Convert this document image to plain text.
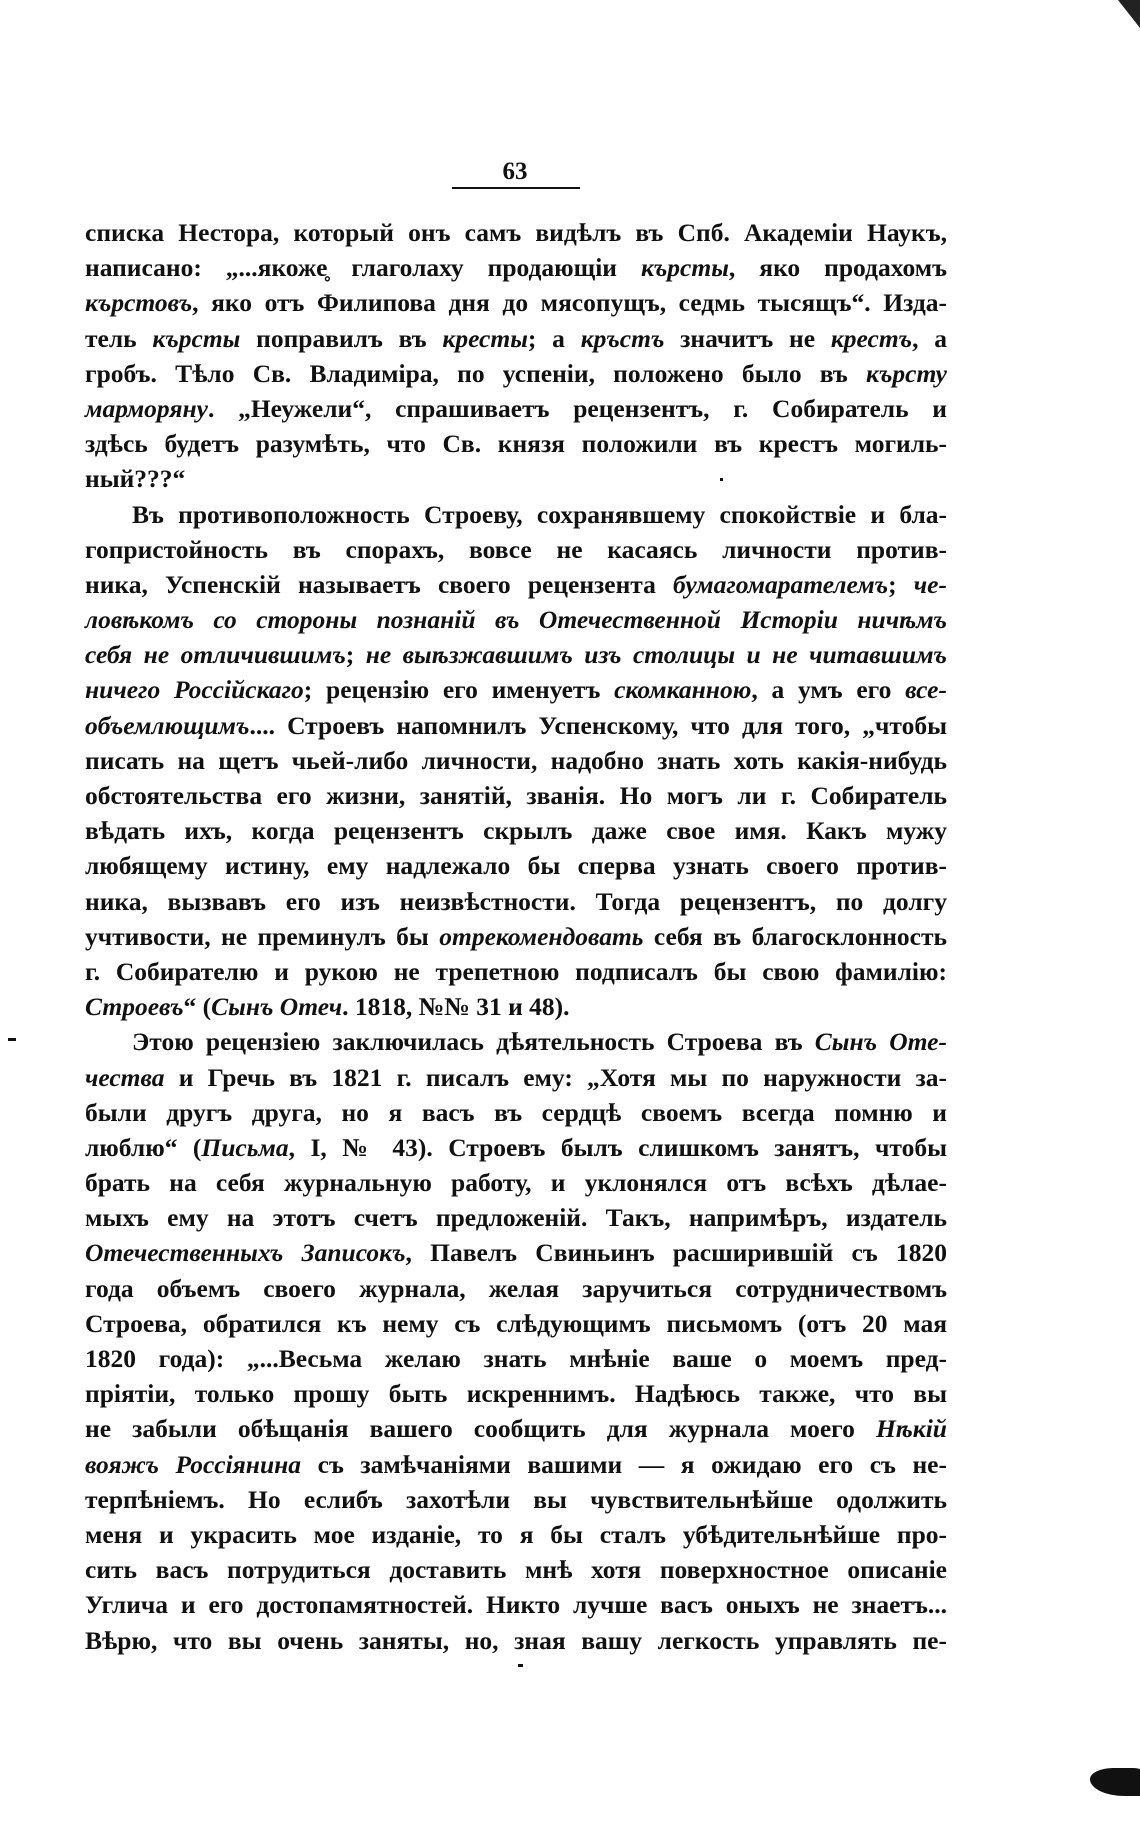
63
списка Нестора, который онъ самъ видѣлъ въ Спб. Академіи Наукъ,
написано: „...якоже̥ глаголаху продающіи кърсты, яко продахомъ
кърстовъ, яко отъ Филипова дня до мясопущъ, седмь тысящъ“. Изда-
тель кърсты поправилъ въ кресты; а кръстъ значитъ не крестъ, а
гробъ. Тѣло Св. Владиміра, по успеніи, положено было въ кърсту
марморяну. „Неужели“, спрашиваетъ рецензентъ, г. Собиратель и
здѣсь будетъ разумѣть, что Св. князя положили въ крестъ могиль-
ный???“
Въ противоположность Строеву, сохранявшему спокойствіе и бла-
гопристойность въ спорахъ, вовсе не касаясь личности против-
ника, Успенскій называетъ своего рецензента бумагомарателемъ; че-
ловѣкомъ со стороны познаній въ Отечественной Исторіи ничѣмъ
себя не отличившимъ; не выѣзжавшимъ изъ столицы и не читавшимъ
ничего Россійскаго; рецензію его именуетъ скомканною, а умъ его все-
объемлющимъ.... Строевъ напомнилъ Успенскому, что для того, „чтобы
писать на щетъ чьей-либо личности, надобно знать хоть какія-нибудь
обстоятельства его жизни, занятій, званія. Но могъ ли г. Собиратель
вѣдать ихъ, когда рецензентъ скрылъ даже свое имя. Какъ мужу
любящему истину, ему надлежало бы сперва узнать своего против-
ника, вызвавъ его изъ неизвѣстности. Тогда рецензентъ, по долгу
учтивости, не преминулъ бы отрекомендовать себя въ благосклонность
г. Собирателю и рукою не трепетною подписалъ бы свою фамилію:
Строевъ“ (Сынъ Отеч. 1818, №№ 31 и 48).
Этою рецензіею заключилась дѣятельность Строева въ Сынъ Оте-
чества и Гречь въ 1821 г. писалъ ему: „Хотя мы по наружности за-
были другъ друга, но я васъ въ сердцѣ своемъ всегда помню и
люблю“ (Письма, I, № 43). Строевъ былъ слишкомъ занятъ, чтобы
брать на себя журнальную работу, и уклонялся отъ всѣхъ дѣлае-
мыхъ ему на этотъ счетъ предложеній. Такъ, напримѣръ, издатель
Отечественныхъ Записокъ, Павелъ Свиньинъ расширившій съ 1820
года объемъ своего журнала, желая заручиться сотрудничествомъ
Строева, обратился къ нему съ слѣдующимъ письмомъ (отъ 20 мая
1820 года): „...Весьма желаю знать мнѣніе ваше о моемъ пред-
пріятіи, только прошу быть искреннимъ. Надѣюсь также, что вы
не забыли обѣщанія вашего сообщить для журнала моего Нѣкій
вояжъ Россіянина съ замѣчаніями вашими — я ожидаю его съ не-
терпѣніемъ. Но еслибъ захотѣли вы чувствительнѣйше одолжить
меня и украсить мое изданіе, то я бы сталъ убѣдительнѣйше про-
сить васъ потрудиться доставить мнѣ хотя поверхностное описаніе
Углича и его достопамятностей. Никто лучше васъ оныхъ не знаетъ...
Вѣрю, что вы очень заняты, но, зная вашу легкость управлять пе-
